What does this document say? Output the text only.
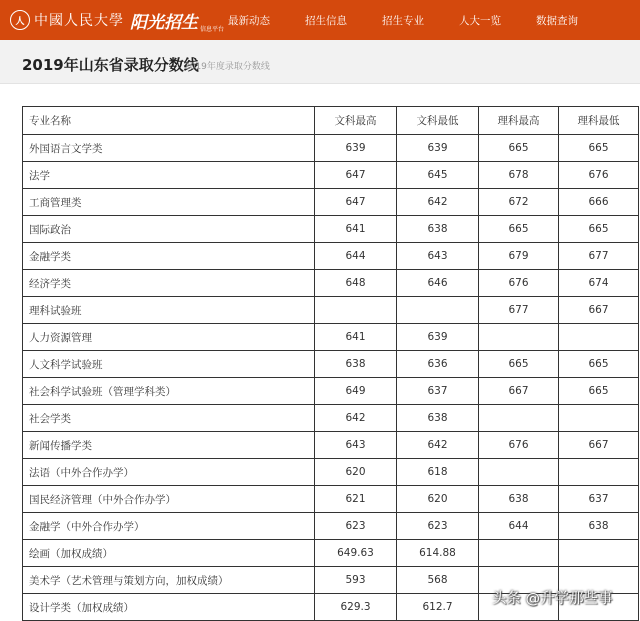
人 中國人民大學 阳光招生 信息平台
最新动态	招生信息	招生专业	人大一览	数据查询
2019年山东省录取分数线
2019年度录取分数线
专业名称	文科最高	文科最低	理科最高	理科最低
外国语言文学类	639	639	665	665
法学	647	645	678	676
工商管理类	647	642	672	666
国际政治	641	638	665	665
金融学类	644	643	679	677
经济学类	648	646	676	674
理科试验班			677	667
人力资源管理	641	639		
人文科学试验班	638	636	665	665
社会科学试验班（管理学科类）	649	637	667	665
社会学类	642	638		
新闻传播学类	643	642	676	667
法语（中外合作办学）	620	618		
国民经济管理（中外合作办学）	621	620	638	637
金融学（中外合作办学）	623	623	644	638
绘画（加权成绩）	649.63	614.88		
美术学（艺术管理与策划方向，加权成绩）	593	568		
设计学类（加权成绩）	629.3	612.7			头条 @升学那些事
